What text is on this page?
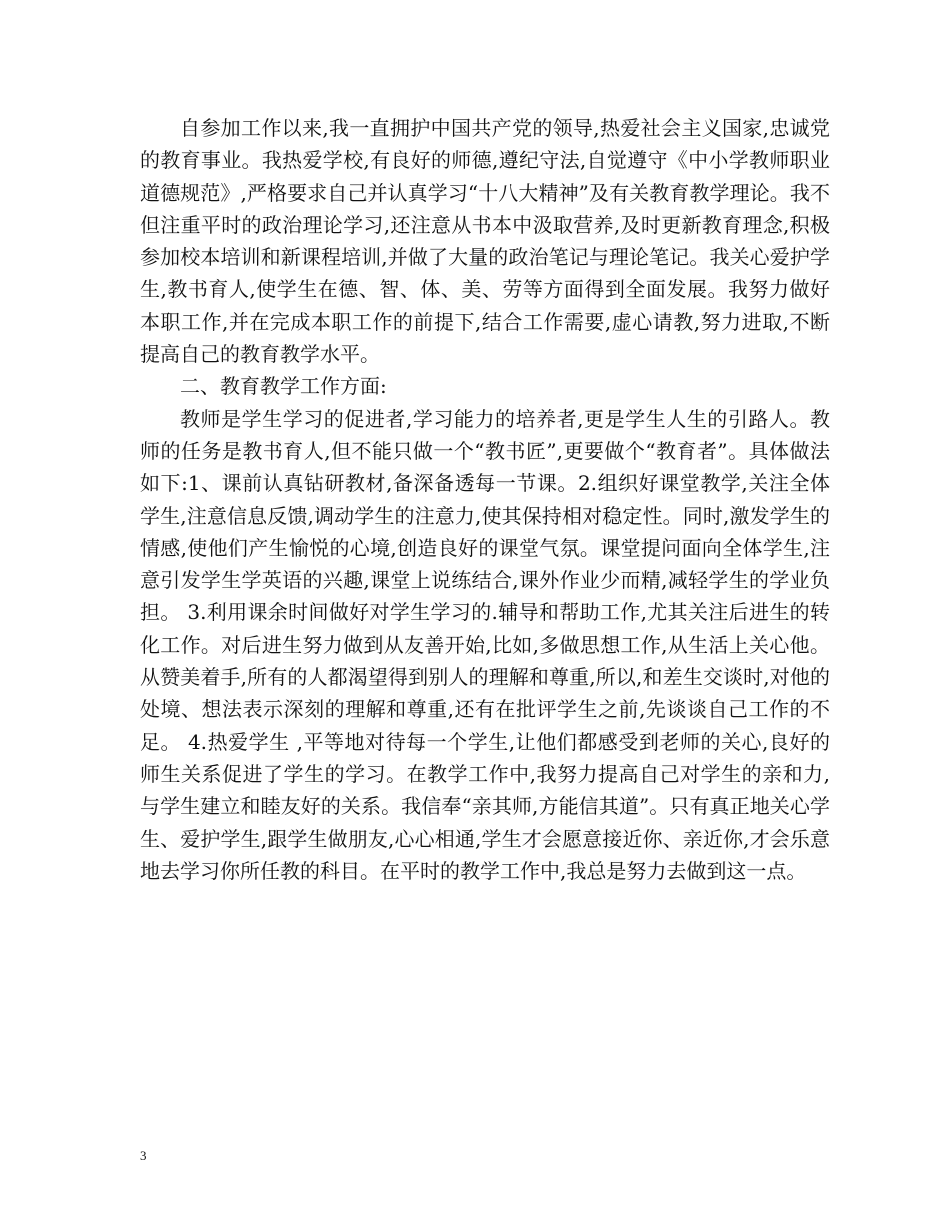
自参加工作以来,我一直拥护中国共产党的领导,热爱社会主义国家,忠诚党的教育事业。我热爱学校,有良好的师德,遵纪守法,自觉遵守《中小学教师职业道德规范》,严格要求自己并认真学习“十八大精神”及有关教育教学理论。我不但注重平时的政治理论学习,还注意从书本中汲取营养,及时更新教育理念,积极参加校本培训和新课程培训,并做了大量的政治笔记与理论笔记。我关心爱护学生,教书育人,使学生在德、智、体、美、劳等方面得到全面发展。我努力做好本职工作,并在完成本职工作的前提下,结合工作需要,虚心请教,努力进取,不断提高自己的教育教学水平。

二、教育教学工作方面:

教师是学生学习的促进者,学习能力的培养者,更是学生人生的引路人。教师的任务是教书育人,但不能只做一个“教书匠”,更要做个“教育者”。具体做法如下:1、课前认真钻研教材,备深备透每一节课。2.组织好课堂教学,关注全体学生,注意信息反馈,调动学生的注意力,使其保持相对稳定性。同时,激发学生的情感,使他们产生愉悦的心境,创造良好的课堂气氛。课堂提问面向全体学生,注意引发学生学英语的兴趣,课堂上说练结合,课外作业少而精,减轻学生的学业负担。 3.利用课余时间做好对学生学习的.辅导和帮助工作,尤其关注后进生的转化工作。对后进生努力做到从友善开始,比如,多做思想工作,从生活上关心他。从赞美着手,所有的人都渴望得到别人的理解和尊重,所以,和差生交谈时,对他的处境、想法表示深刻的理解和尊重,还有在批评学生之前,先谈谈自己工作的不足。 4.热爱学生 ,平等地对待每一个学生,让他们都感受到老师的关心,良好的师生关系促进了学生的学习。在教学工作中,我努力提高自己对学生的亲和力,与学生建立和睦友好的关系。我信奉“亲其师,方能信其道”。只有真正地关心学生、爱护学生,跟学生做朋友,心心相通,学生才会愿意接近你、亲近你,才会乐意地去学习你所任教的科目。在平时的教学工作中,我总是努力去做到这一点。

3
